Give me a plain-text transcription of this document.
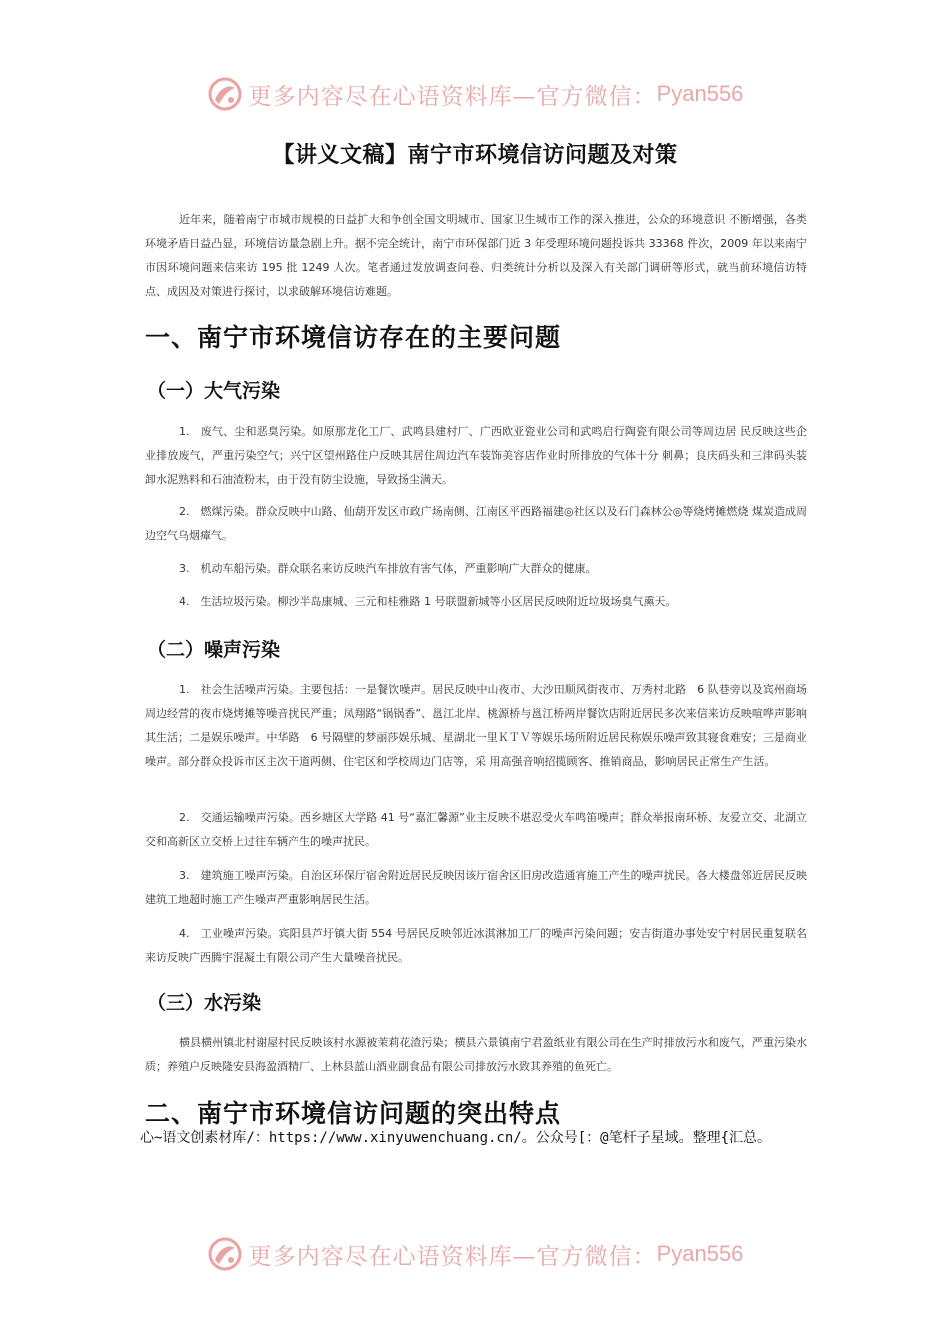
更多内容尽在心语资料库—官方微信： Pyan556
【讲义文稿】南宁市环境信访问题及对策

近年来，随着南宁市城市规模的日益扩大和争创全国文明城市、国家卫生城市工作的深入推进，公众的环境意识 不断增强，各类环境矛盾日益凸显，环境信访量急剧上升。据不完全统计，南宁市环保部门近 3 年受理环境问题投诉共 33368 件次，2009 年以来南宁市因环境问题来信来访 195 批 1249 人次。笔者通过发放调查问卷、归类统计分析以及深入有关部门调研等形式，就当前环境信访特点、成因及对策进行探讨，以求破解环境信访难题。

一、南宁市环境信访存在的主要问题
（一）大气污染

1.　废气、尘和恶臭污染。如原那龙化工厂、武鸣县建村厂、广西欧亚瓷业公司和武鸣启行陶瓷有限公司等周边居 民反映这些企业排放废气，严重污染空气；兴宁区望州路住户反映其居住周边汽车装饰美容店作业时所排放的气体十分 刺鼻；良庆码头和三津码头装卸水泥熟料和石油渣粉末，由于没有防尘设施，导致扬尘满天。

2.　燃煤污染。群众反映中山路、仙葫开发区市政广场南侧、江南区平西路福建◎社区以及石门森林公◎等烧烤摊燃烧 煤炭造成周边空气乌烟瘴气。

3.　机动车船污染。群众联名来访反映汽车排放有害气体，严重影响广大群众的健康。

4.　生活垃圾污染。柳沙半岛康城、三元和桂雅路 1 号联盟新城等小区居民反映附近垃圾场臭气熏天。

（二）噪声污染

1.　社会生活噪声污染。主要包括：一是餐饮噪声。居民反映中山夜市、大沙田顺风街夜市、万秀村北路　6 队巷旁以及宾州商场周边经营的夜市烧烤摊等噪音扰民严重；凤翔路“锅锅香”、邕江北岸、桃源桥与邕江桥两岸餐饮店附近居民多次来信来访反映喧哗声影响其生活；二是娱乐噪声。中华路　6 号隔壁的梦丽莎娱乐城、星湖北一里ＫＴＶ等娱乐场所附近居民称娱乐噪声致其寝食难安；三是商业噪声。部分群众投诉市区主次干道两侧、住宅区和学校周边门店等，采 用高强音响招揽顾客、推销商品，影响居民正常生产生活。

2.　交通运输噪声污染。西乡塘区大学路 41 号“嘉汇馨源”业主反映不堪忍受火车鸣笛噪声；群众举报南环桥、友爱立交、北湖立交和高新区立交桥上过往车辆产生的噪声扰民。

3.　建筑施工噪声污染。自治区环保厅宿舍附近居民反映因该厅宿舍区旧房改造通宵施工产生的噪声扰民。各大楼盘邻近居民反映建筑工地超时施工产生噪声严重影响居民生活。

4.　工业噪声污染。宾阳县芦圩镇大街 554 号居民反映邻近冰淇淋加工厂的噪声污染问题；安吉街道办事处安宁村居民重复联名来访反映广西腾宇混凝土有限公司产生大量噪音扰民。

（三）水污染

横县横州镇北村谢屋村民反映该村水源被茉莉花渣污染；横县六景镇南宁君盈纸业有限公司在生产时排放污水和废气，严重污染水质；养殖户反映隆安县海盈酒精厂、上林县蓝山酒业副食品有限公司排放污水致其养殖的鱼死亡。

二、南宁市环境信访问题的突出特点

心~语文创素材库/：https://www.xinyuwenchuang.cn/。公众号[：@笔杆子星域。整理{汇总。

更多内容尽在心语资料库—官方微信： Pyan556
